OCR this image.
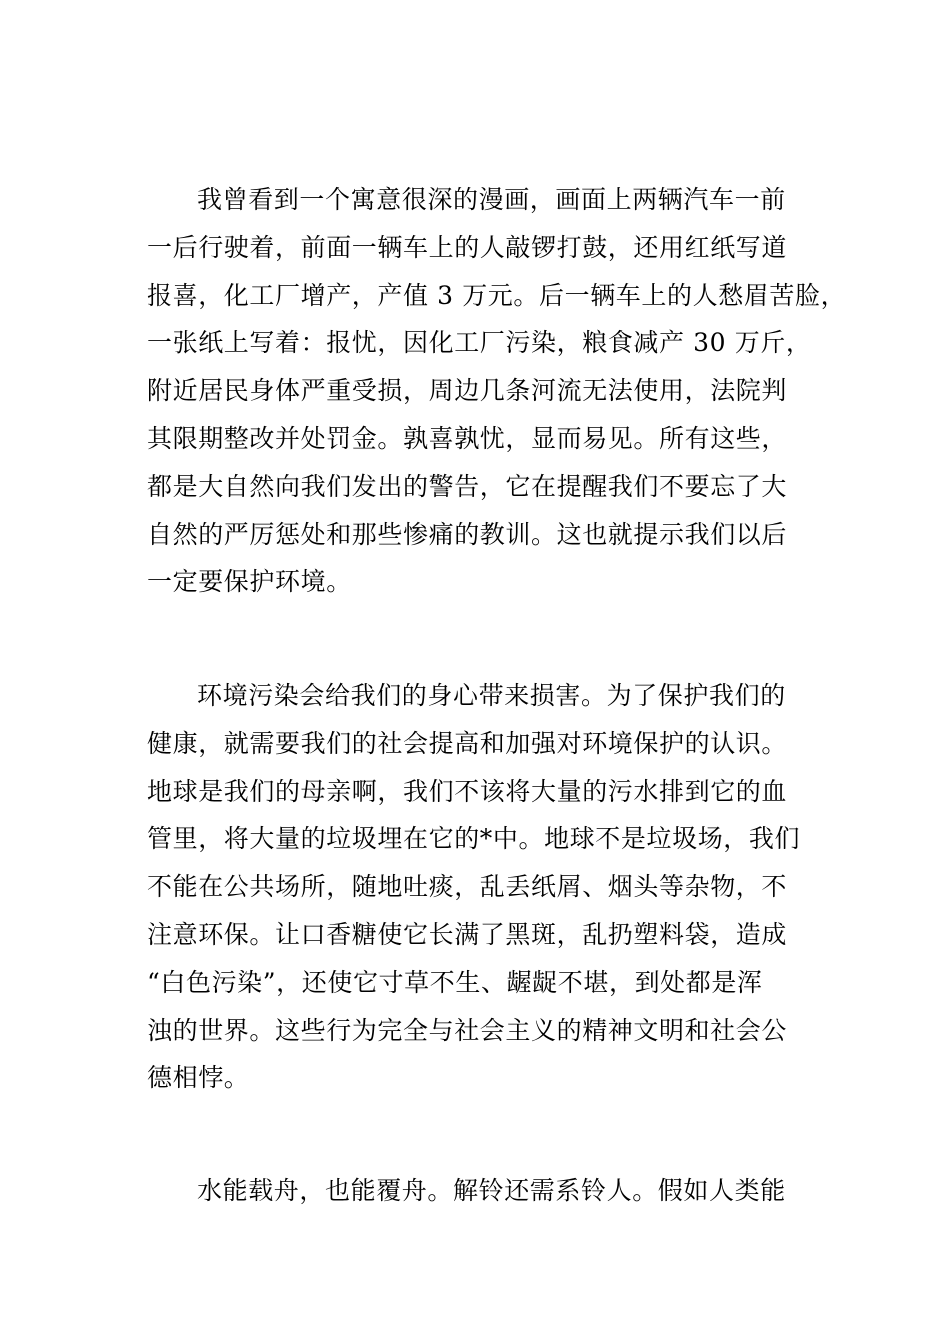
我曾看到一个寓意很深的漫画，画面上两辆汽车一前
一后行驶着，前面一辆车上的人敲锣打鼓，还用红纸写道
报喜，化工厂增产，产值 3 万元。后一辆车上的人愁眉苦脸，
一张纸上写着：报忧，因化工厂污染，粮食减产 30 万斤，
附近居民身体严重受损，周边几条河流无法使用，法院判
其限期整改并处罚金。孰喜孰忧，显而易见。所有这些，
都是大自然向我们发出的警告，它在提醒我们不要忘了大
自然的严厉惩处和那些惨痛的教训。这也就提示我们以后
一定要保护环境。
环境污染会给我们的身心带来损害。为了保护我们的
健康，就需要我们的社会提高和加强对环境保护的认识。
地球是我们的母亲啊，我们不该将大量的污水排到它的血
管里，将大量的垃圾埋在它的*中。地球不是垃圾场，我们
不能在公共场所，随地吐痰，乱丢纸屑、烟头等杂物，不
注意环保。让口香糖使它长满了黑斑，乱扔塑料袋，造成
“白色污染”，还使它寸草不生、龌龊不堪，到处都是浑
浊的世界。这些行为完全与社会主义的精神文明和社会公
德相悖。
水能载舟，也能覆舟。解铃还需系铃人。假如人类能
